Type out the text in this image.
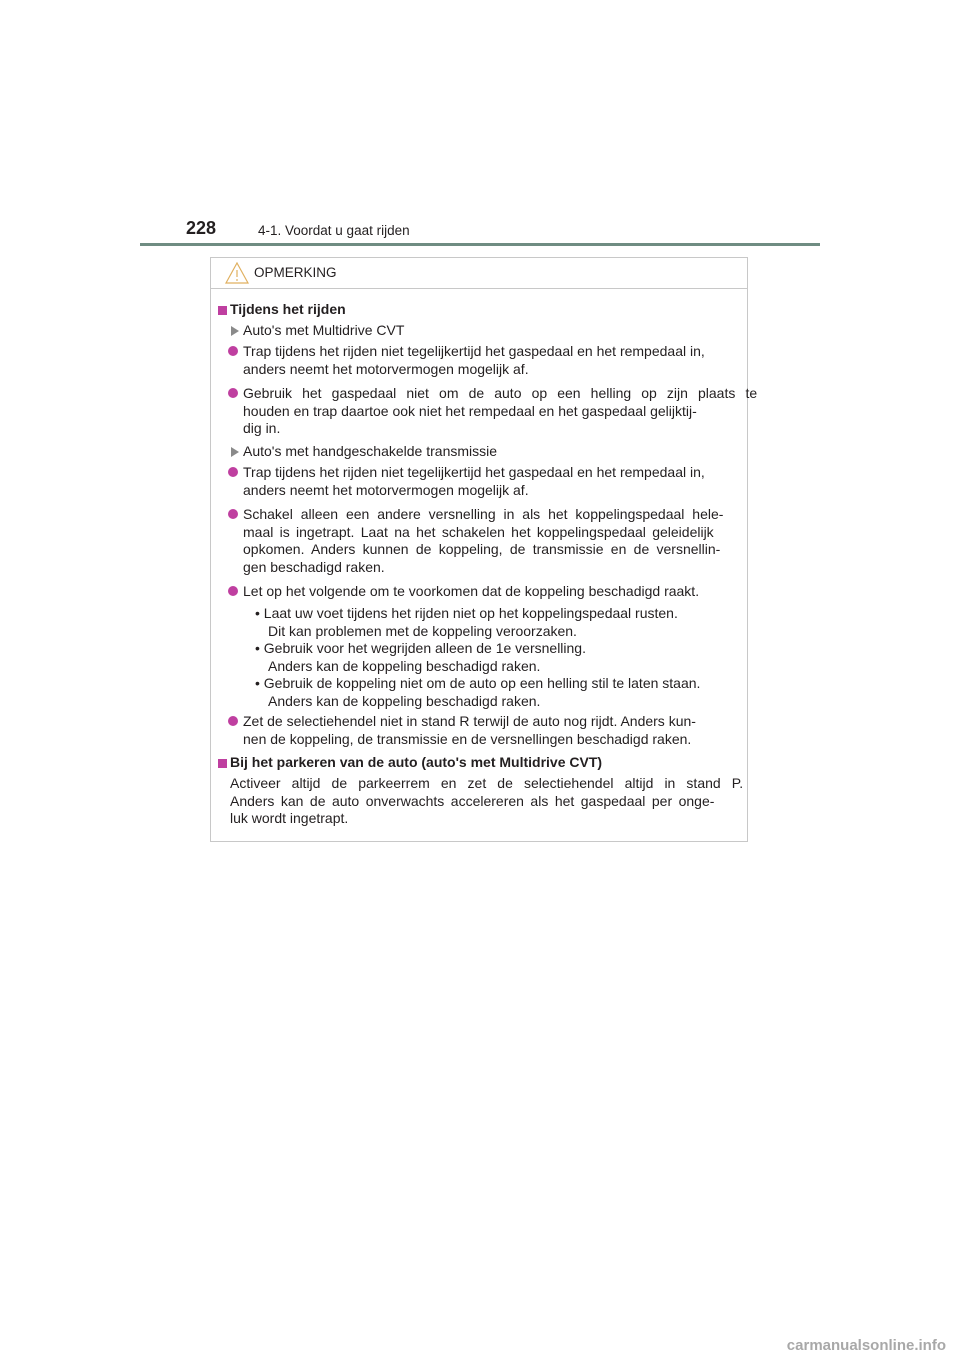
228	4-1. Voordat u gaat rijden
OPMERKING
Tijdens het rijden
Auto's met Multidrive CVT
Trap tijdens het rijden niet tegelijkertijd het gaspedaal en het rempedaal in,
anders neemt het motorvermogen mogelijk af.
Gebruik het gaspedaal niet om de auto op een helling op zijn plaats te
houden en trap daartoe ook niet het rempedaal en het gaspedaal gelijktij-
dig in.
Auto's met handgeschakelde transmissie
Trap tijdens het rijden niet tegelijkertijd het gaspedaal en het rempedaal in,
anders neemt het motorvermogen mogelijk af.
Schakel alleen een andere versnelling in als het koppelingspedaal hele-
maal is ingetrapt. Laat na het schakelen het koppelingspedaal geleidelijk
opkomen. Anders kunnen de koppeling, de transmissie en de versnellin-
gen beschadigd raken.
Let op het volgende om te voorkomen dat de koppeling beschadigd raakt.
• Laat uw voet tijdens het rijden niet op het koppelingspedaal rusten.
Dit kan problemen met de koppeling veroorzaken.
• Gebruik voor het wegrijden alleen de 1e versnelling.
Anders kan de koppeling beschadigd raken.
• Gebruik de koppeling niet om de auto op een helling stil te laten staan.
Anders kan de koppeling beschadigd raken.
Zet de selectiehendel niet in stand R terwijl de auto nog rijdt. Anders kun-
nen de koppeling, de transmissie en de versnellingen beschadigd raken.
Bij het parkeren van de auto (auto's met Multidrive CVT)
Activeer altijd de parkeerrem en zet de selectiehendel altijd in stand P.
Anders kan de auto onverwachts accelereren als het gaspedaal per onge-
luk wordt ingetrapt.
carmanualsonline.info
